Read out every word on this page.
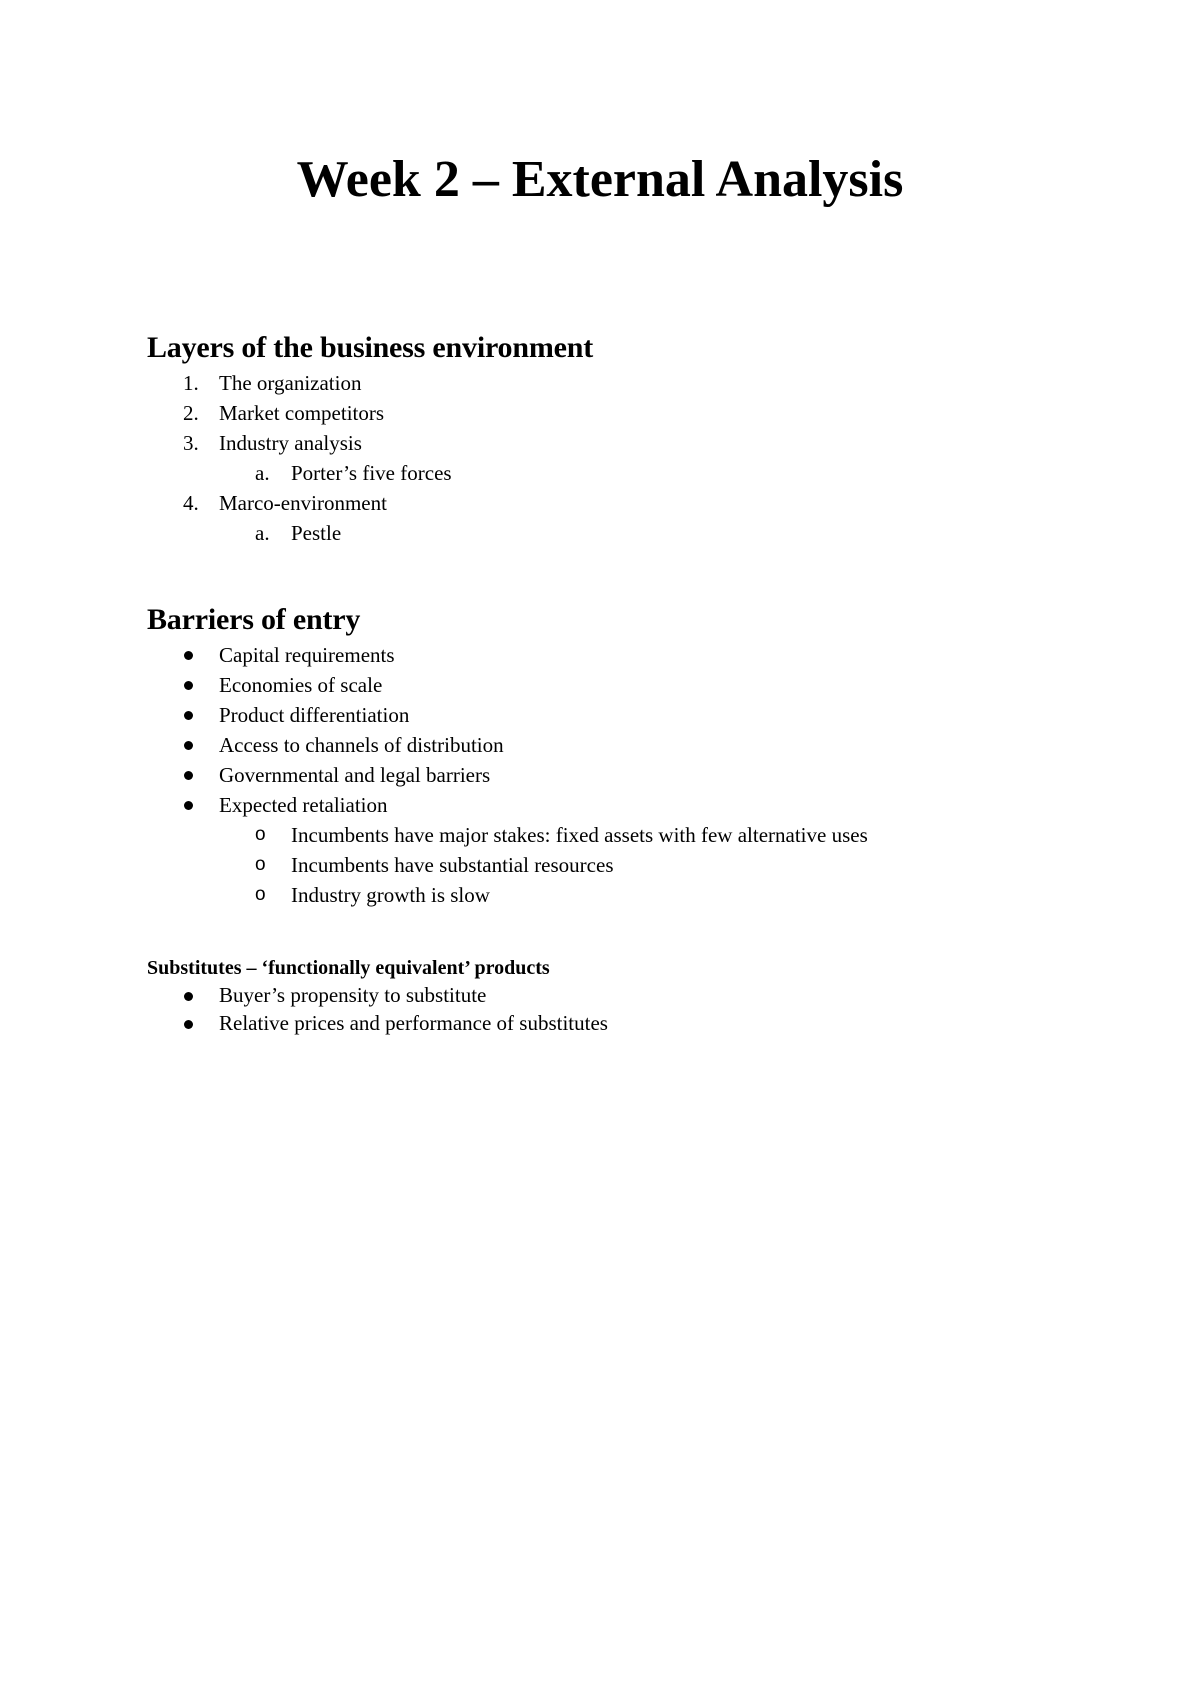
Week 2 – External Analysis
Layers of the business environment
1. The organization
2. Market competitors
3. Industry analysis
a. Porter’s five forces
4. Marco-environment
a. Pestle
Barriers of entry
Capital requirements
Economies of scale
Product differentiation
Access to channels of distribution
Governmental and legal barriers
Expected retaliation
o Incumbents have major stakes: fixed assets with few alternative uses
o Incumbents have substantial resources
o Industry growth is slow
Substitutes – ‘functionally equivalent’ products
Buyer’s propensity to substitute
Relative prices and performance of substitutes
